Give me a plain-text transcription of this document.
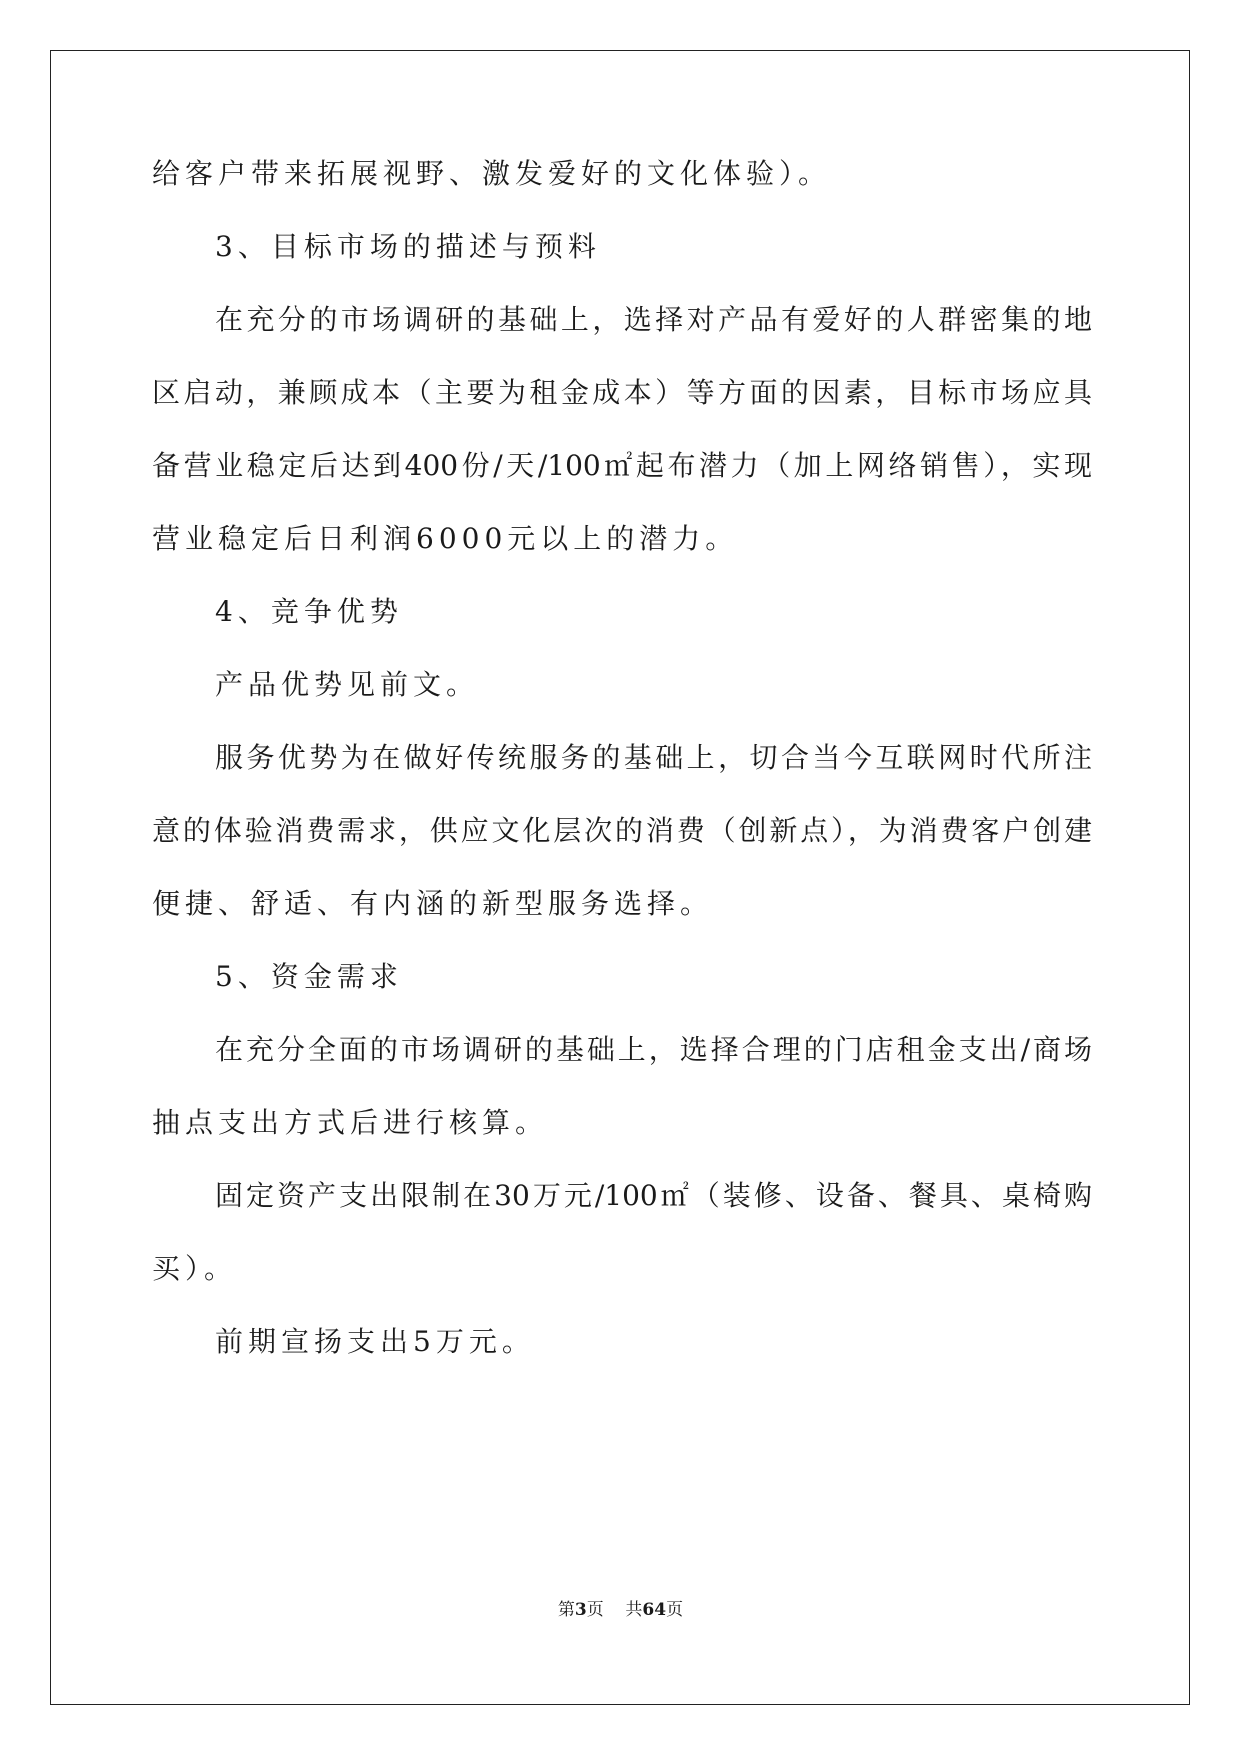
给客户带来拓展视野、激发爱好的文化体验）。
3、目标市场的描述与预料
在充分的市场调研的基础上，选择对产品有爱好的人群密集的地
区启动，兼顾成本（主要为租金成本）等方面的因素，目标市场应具
备营业稳定后达到400份/天/100㎡起布潜力（加上网络销售），实现
营业稳定后日利润6000元以上的潜力。
4、竞争优势
产品优势见前文。
服务优势为在做好传统服务的基础上，切合当今互联网时代所注
意的体验消费需求，供应文化层次的消费（创新点），为消费客户创建
便捷、舒适、有内涵的新型服务选择。
5、资金需求
在充分全面的市场调研的基础上，选择合理的门店租金支出/商场
抽点支出方式后进行核算。
固定资产支出限制在30万元/100㎡（装修、设备、餐具、桌椅购
买）。
前期宣扬支出5万元。
第3页 共64页
